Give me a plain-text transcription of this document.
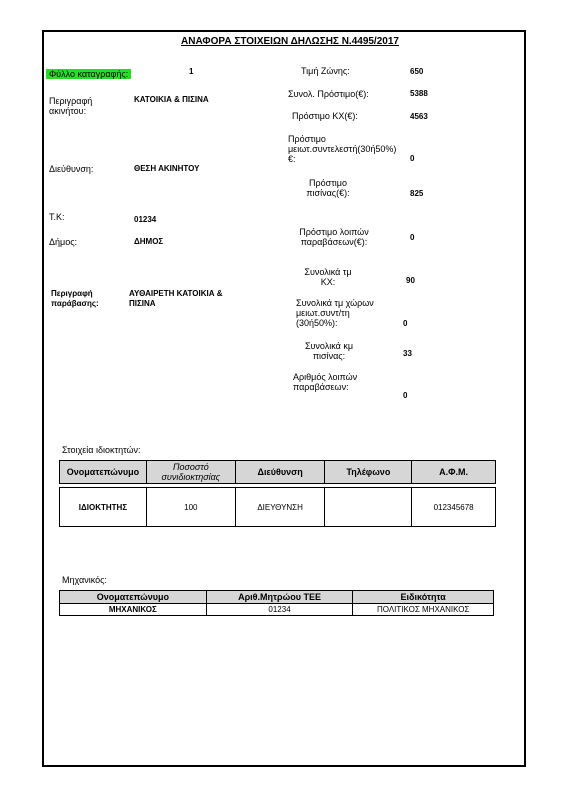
ΑΝΑΦΟΡΑ ΣΤΟΙΧΕΙΩΝ ΔΗΛΩΣΗΣ Ν.4495/2017
Φύλλο καταγραφής:	1
Περιγραφή ακινήτου:
ΚΑΤΟΙΚΙΑ & ΠΙΣΙΝΑ
Διεύθυνση:	ΘΕΣΗ ΑΚΙΝΗΤΟΥ
Τ.Κ:	01234
Δήμος:	ΔΗΜΟΣ
Περιγραφή παράβασης:
ΑΥΘΑΙΡΕΤΗ ΚΑΤΟΙΚΙΑ & ΠΙΣΙΝΑ
Τιμή Ζώνης:	650
Συνολ. Πρόστιμο(€):	5388
Πρόστιμο ΚΧ(€):	4563
Πρόστιμο μειωτ.συντελεστή(30ή50%)€:	0
Πρόστιμο πισίνας(€):	825
Πρόστιμο λοιπών παραβάσεων(€):	0
Συνολικά τμ ΚΧ:	90
Συνολικά τμ χώρων μειωτ.συντ/τη (30ή50%):	0
Συνολικά κμ πισίνας:	33
Αριθμός λοιπών παραβάσεων:
0
Στοιχεία ιδιοκτητών:
Ονοματεπώνυμο	Ποσοστό συνιδιοκτησίας	Διεύθυνση	Τηλέφωνο	Α.Φ.Μ.

ΙΔΙΟΚΤΗΤΗΣ	100	ΔΙΕΥΘΥΝΣΗ		012345678
Μηχανικός:
Ονοματεπώνυμο	Αριθ.Μητρώου ΤΕΕ	Ειδικότητα
ΜΗΧΑΝΙΚΟΣ	01234	ΠΟΛΙΤΙΚΟΣ ΜΗΧΑΝΙΚΟΣ
